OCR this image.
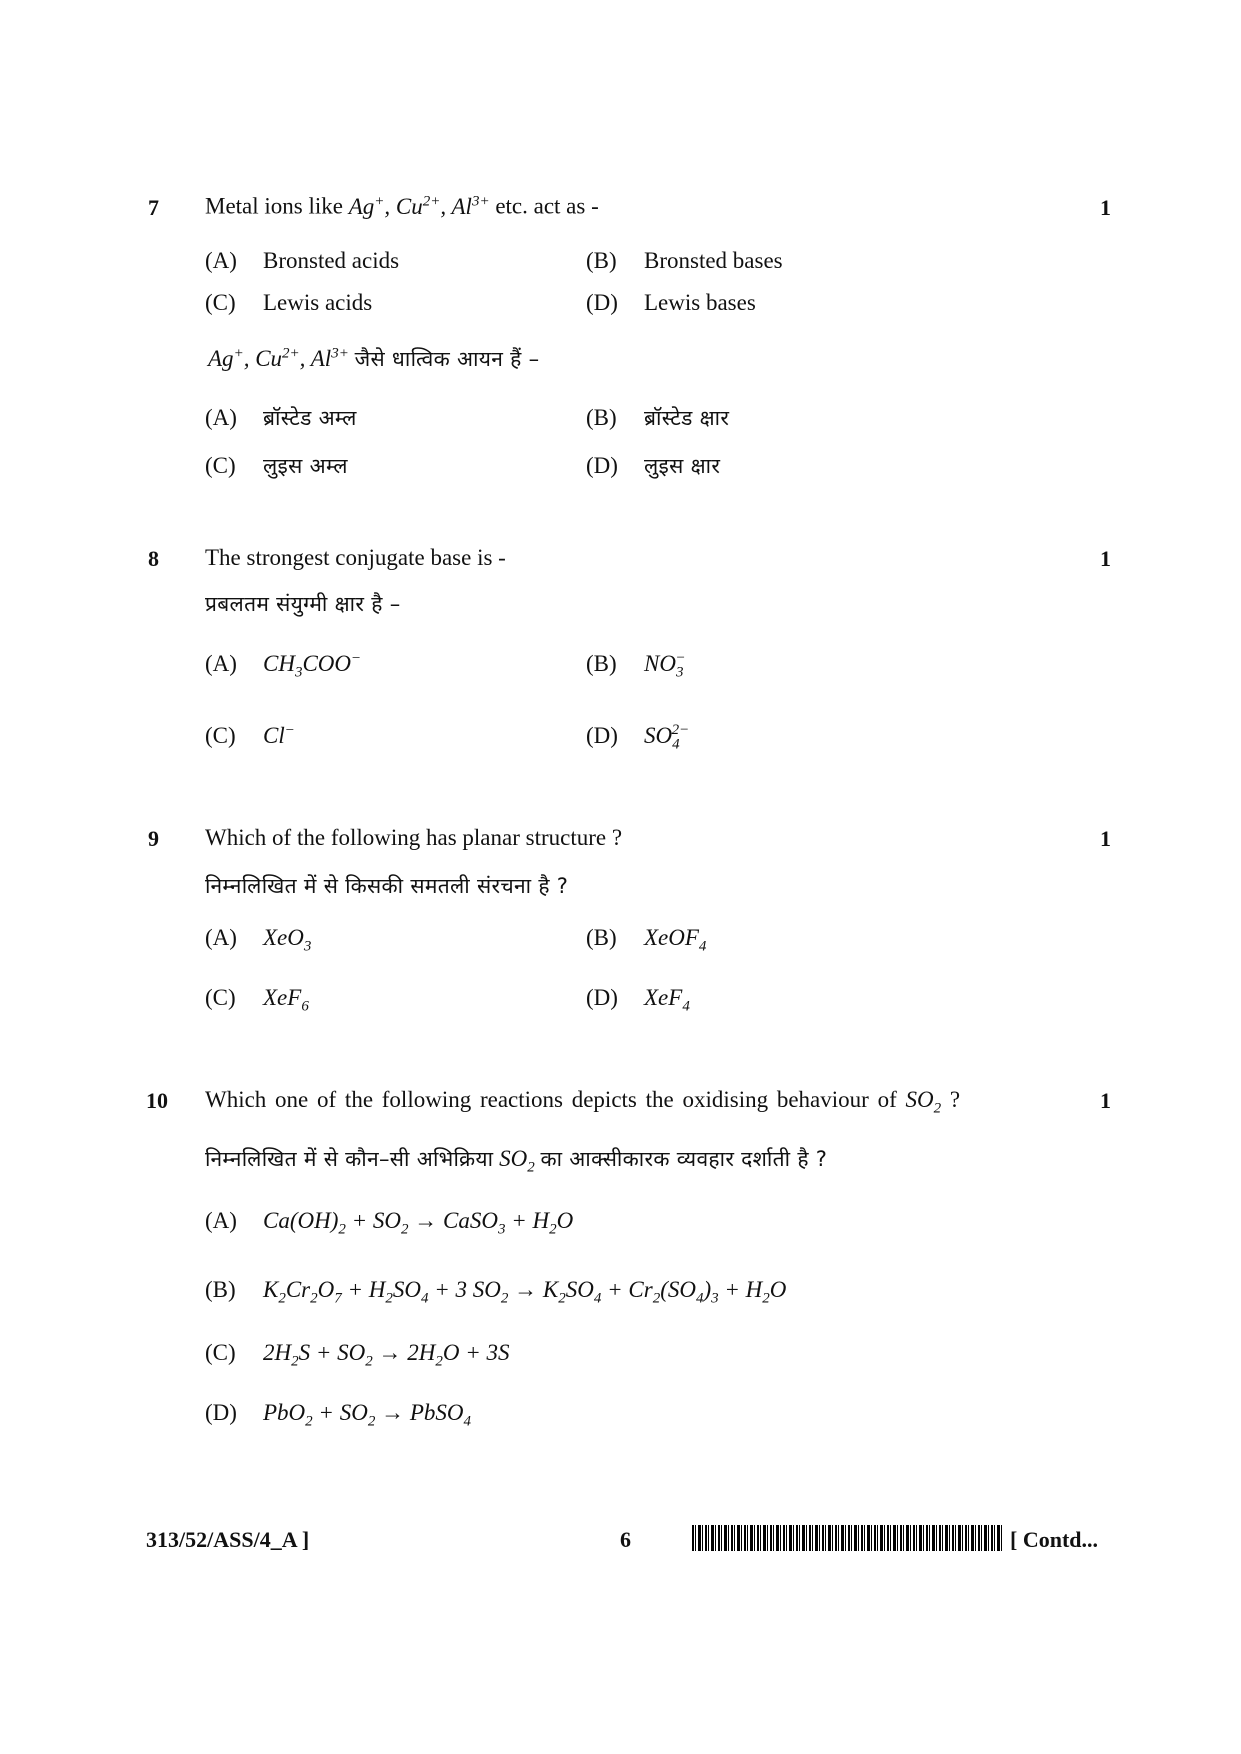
7 Metal ions like Ag+, $Cu^{2+}$, $Al^{3+}$ etc. act as -	1
(A) Bronsted acids	(B) Bronsted bases
(C) Lewis acids	(D) Lewis bases
Ag+, $Cu^{2+}$, $Al^{3+}$ जैसे धात्विक आयन हैं –
(A) ब्रॉस्टेड अम्ल	(B) ब्रॉस्टेड क्षार
(C) लुइस अम्ल	(D) लुइस क्षार
8 The strongest conjugate base is -	1
प्रबलतम संयुग्मी क्षार है –
(A) $CH_3COO^-$	(B) $NO_3^-$
(C) Cl−	(D) $SO_4^{2-}$
9 Which of the following has planar structure ?	1
निम्नलिखित में से किसकी समतली संरचना है ?
(A) XeO$_3$	(B) XeOF$_4$
(C) XeF$_6$	(D) XeF$_4$
10 Which one of the following reactions depicts the oxidising behaviour of $SO_2$ ?	1
निम्नलिखित में से कौन–सी अभिक्रिया $SO_2$ का आक्सीकारक व्यवहार दर्शाती है ?
(A) $Ca(OH)_2 + SO_2$ → CaSO$_3$ + $H_2O$
(B) $K_2Cr_2O_7 + H_2SO_4 + 3$ $SO_2 \to K_2SO_4 + Cr_2(SO_4)_3 + H_2O$
(C) $2H_2S + SO_2 \to 2H_2O + 3S$
(D) $PbO_2 + SO_2$ → PbSO$_4$
313/52/ASS/4_A ]	6	[ Contd...
